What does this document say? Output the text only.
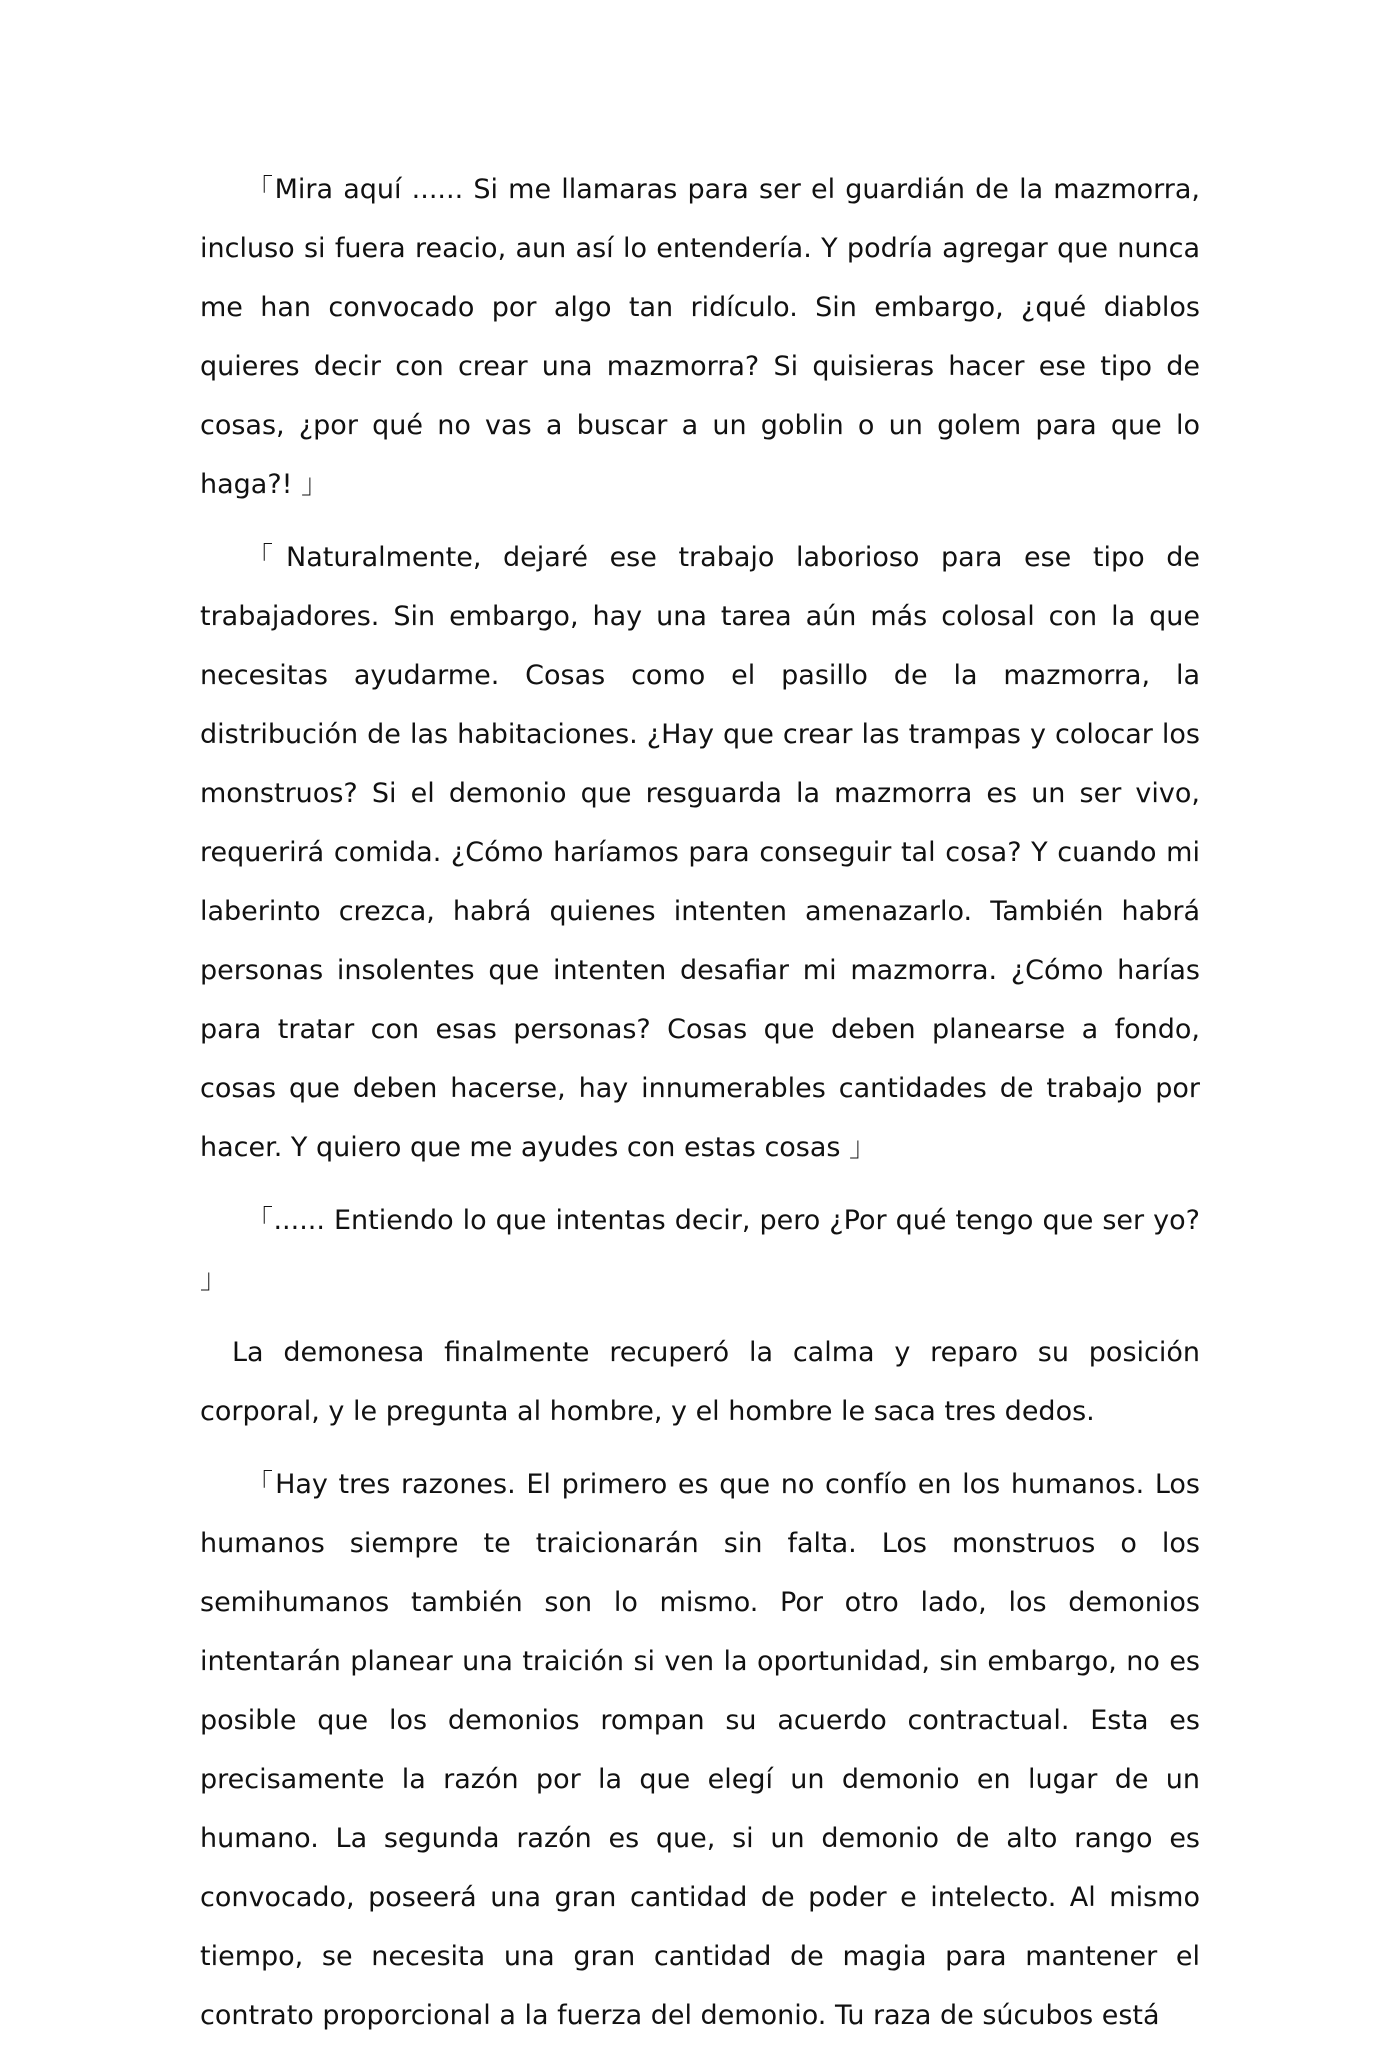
「Mira aquí ...... Si me llamaras para ser el guardián de la mazmorra, incluso si fuera reacio, aun así lo entendería. Y podría agregar que nunca me han convocado por algo tan ridículo. Sin embargo, ¿qué diablos quieres decir con crear una mazmorra? Si quisieras hacer ese tipo de cosas, ¿por qué no vas a buscar a un goblin o un golem para que lo haga?! 」

「Naturalmente, dejaré ese trabajo laborioso para ese tipo de trabajadores. Sin embargo, hay una tarea aún más colosal con la que necesitas ayudarme. Cosas como el pasillo de la mazmorra, la distribución de las habitaciones. ¿Hay que crear las trampas y colocar los monstruos? Si el demonio que resguarda la mazmorra es un ser vivo, requerirá comida. ¿Cómo haríamos para conseguir tal cosa? Y cuando mi laberinto crezca, habrá quienes intenten amenazarlo. También habrá personas insolentes que intenten desafiar mi mazmorra. ¿Cómo harías para tratar con esas personas? Cosas que deben planearse a fondo, cosas que deben hacerse, hay innumerables cantidades de trabajo por hacer. Y quiero que me ayudes con estas cosas 」

「...... Entiendo lo que intentas decir, pero ¿Por qué tengo que ser yo? 」

La demonesa finalmente recuperó la calma y reparo su posición corporal, y le pregunta al hombre, y el hombre le saca tres dedos.

「Hay tres razones. El primero es que no confío en los humanos. Los humanos siempre te traicionarán sin falta. Los monstruos o los semihumanos también son lo mismo. Por otro lado, los demonios intentarán planear una traición si ven la oportunidad, sin embargo, no es posible que los demonios rompan su acuerdo contractual. Esta es precisamente la razón por la que elegí un demonio en lugar de un humano. La segunda razón es que, si un demonio de alto rango es convocado, poseerá una gran cantidad de poder e intelecto. Al mismo tiempo, se necesita una gran cantidad de magia para mantener el contrato proporcional a la fuerza del demonio. Tu raza de súcubos está
